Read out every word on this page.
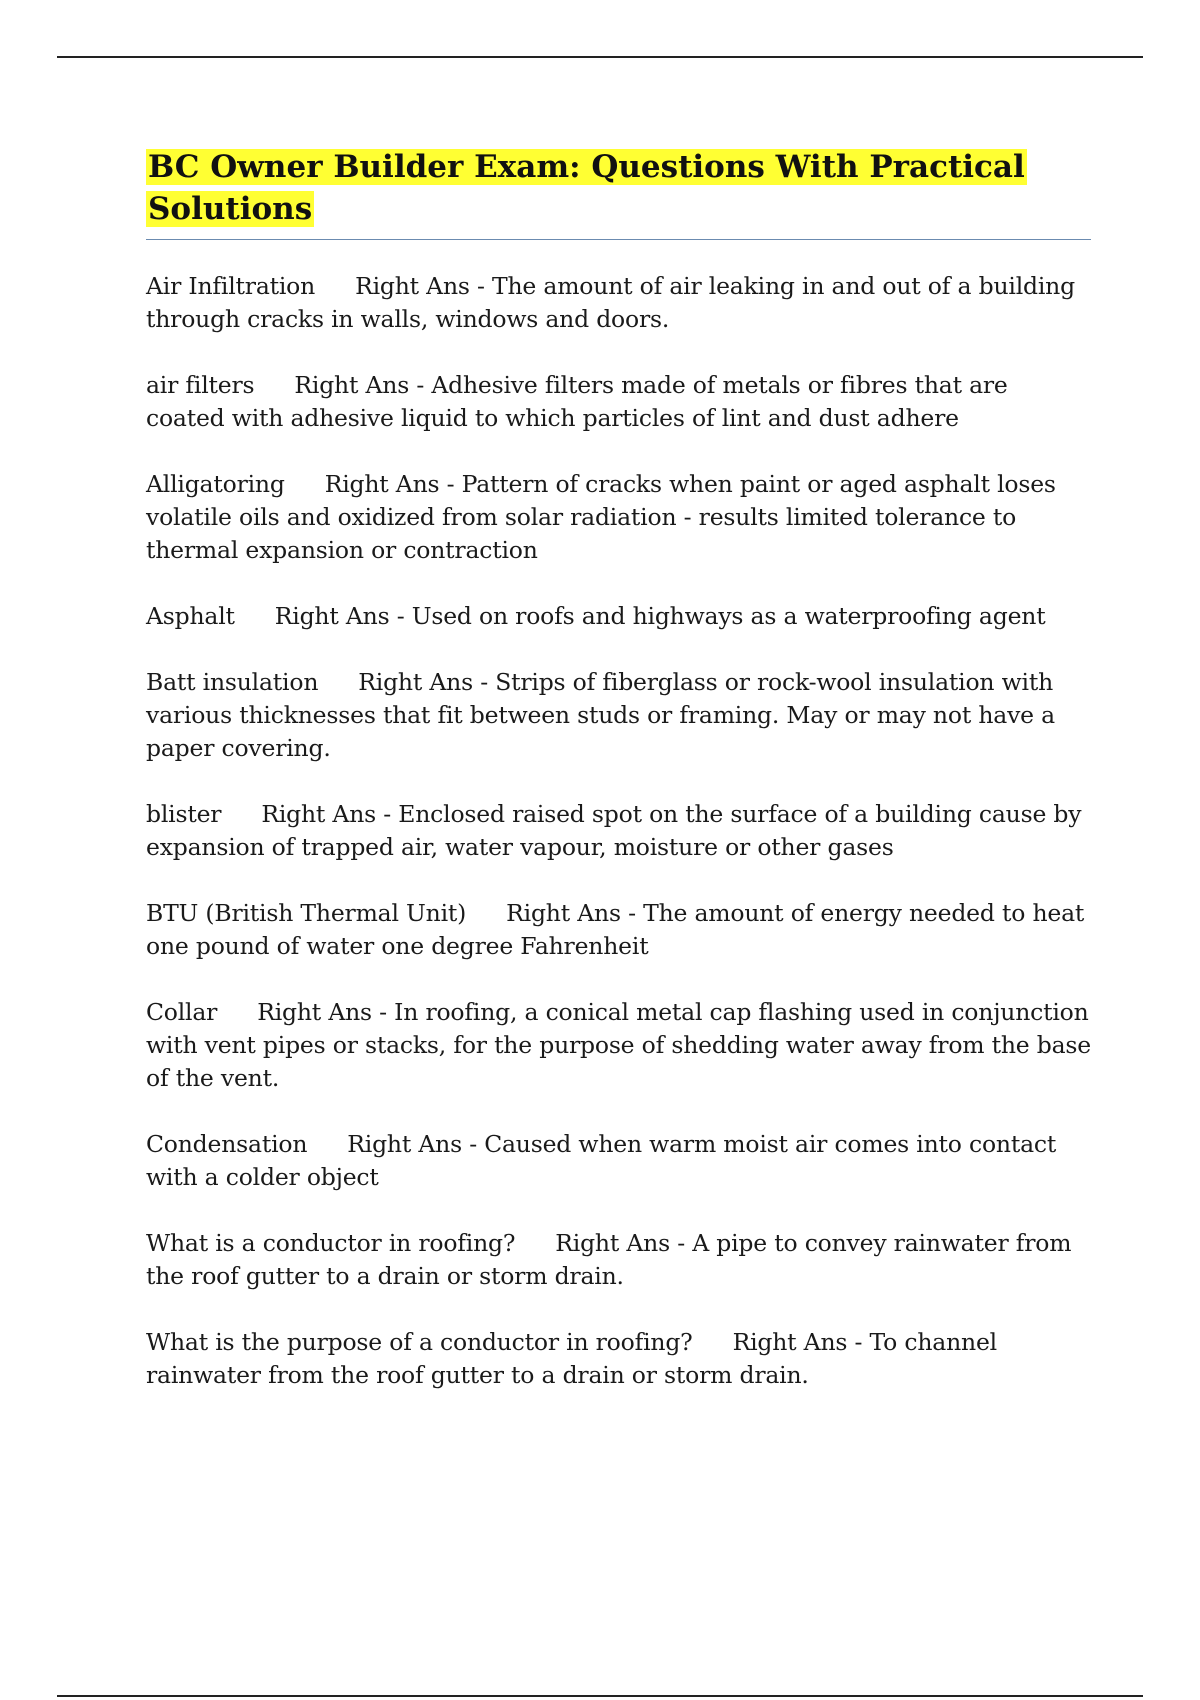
BC Owner Builder Exam: Questions With Practical Solutions

Air Infiltration Right Ans - The amount of air leaking in and out of a building through cracks in walls, windows and doors.

air filters Right Ans - Adhesive filters made of metals or fibres that are coated with adhesive liquid to which particles of lint and dust adhere

Alligatoring Right Ans - Pattern of cracks when paint or aged asphalt loses volatile oils and oxidized from solar radiation - results limited tolerance to thermal expansion or contraction

Asphalt Right Ans - Used on roofs and highways as a waterproofing agent

Batt insulation Right Ans - Strips of fiberglass or rock-wool insulation with various thicknesses that fit between studs or framing. May or may not have a paper covering.

blister Right Ans - Enclosed raised spot on the surface of a building cause by expansion of trapped air, water vapour, moisture or other gases

BTU (British Thermal Unit) Right Ans - The amount of energy needed to heat one pound of water one degree Fahrenheit

Collar Right Ans - In roofing, a conical metal cap flashing used in conjunction with vent pipes or stacks, for the purpose of shedding water away from the base of the vent.

Condensation Right Ans - Caused when warm moist air comes into contact with a colder object

What is a conductor in roofing? Right Ans - A pipe to convey rainwater from the roof gutter to a drain or storm drain.

What is the purpose of a conductor in roofing? Right Ans - To channel rainwater from the roof gutter to a drain or storm drain.
